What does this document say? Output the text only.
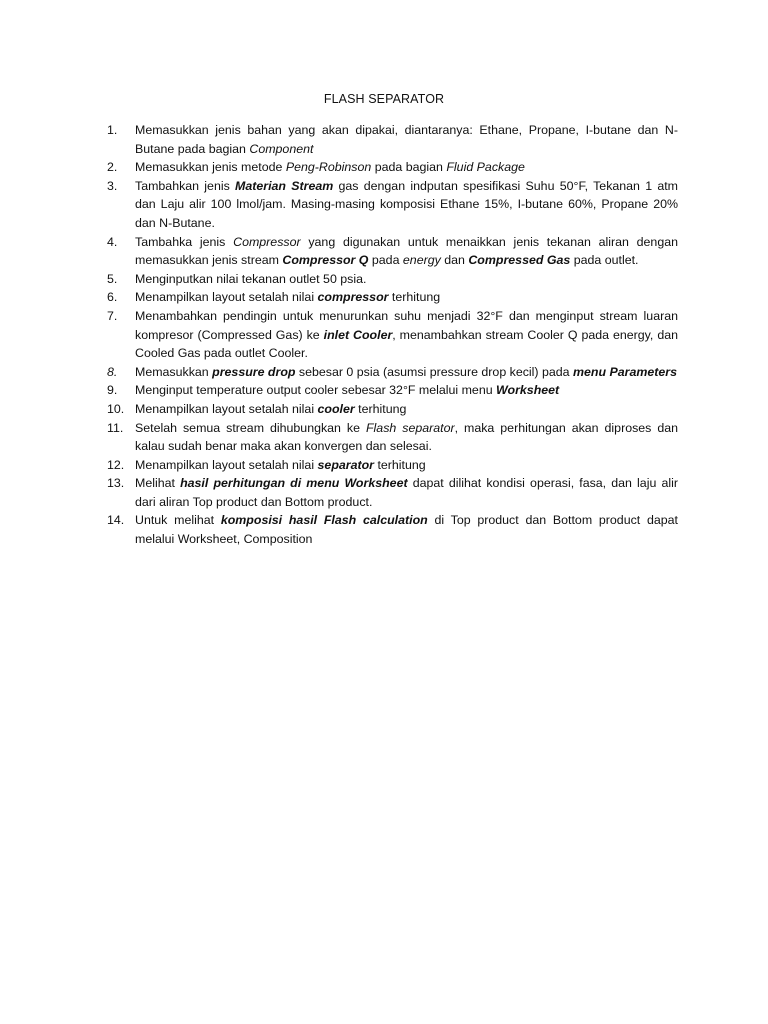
FLASH SEPARATOR
1.	Memasukkan jenis bahan yang akan dipakai, diantaranya: Ethane, Propane, I-butane dan N-Butane pada bagian Component
2.	Memasukkan jenis metode Peng-Robinson pada bagian Fluid Package
3.	Tambahkan jenis Materian Stream gas dengan indputan spesifikasi Suhu 50°F, Tekanan 1 atm dan Laju alir 100 lmol/jam. Masing-masing komposisi Ethane 15%, I-butane 60%, Propane 20% dan N-Butane.
4.	Tambahka jenis Compressor yang digunakan untuk menaikkan jenis tekanan aliran dengan memasukkan jenis stream Compressor Q pada energy dan Compressed Gas pada outlet.
5.	Menginputkan nilai tekanan outlet 50 psia.
6.	Menampilkan layout setalah nilai compressor terhitung
7.	Menambahkan pendingin untuk menurunkan suhu menjadi 32°F dan menginput stream luaran kompresor (Compressed Gas) ke inlet Cooler, menambahkan stream Cooler Q pada energy, dan Cooled Gas pada outlet Cooler.
8.	Memasukkan pressure drop sebesar 0 psia (asumsi pressure drop kecil) pada menu Parameters
9.	Menginput temperature output cooler sebesar 32°F melalui menu Worksheet
10. Menampilkan layout setalah nilai cooler terhitung
11. Setelah semua stream dihubungkan ke Flash separator, maka perhitungan akan diproses dan kalau sudah benar maka akan konvergen dan selesai.
12. Menampilkan layout setalah nilai separator terhitung
13. Melihat hasil perhitungan di menu Worksheet dapat dilihat kondisi operasi, fasa, dan laju alir dari aliran Top product dan Bottom product.
14. Untuk melihat komposisi hasil Flash calculation di Top product dan Bottom product dapat melalui Worksheet, Composition
